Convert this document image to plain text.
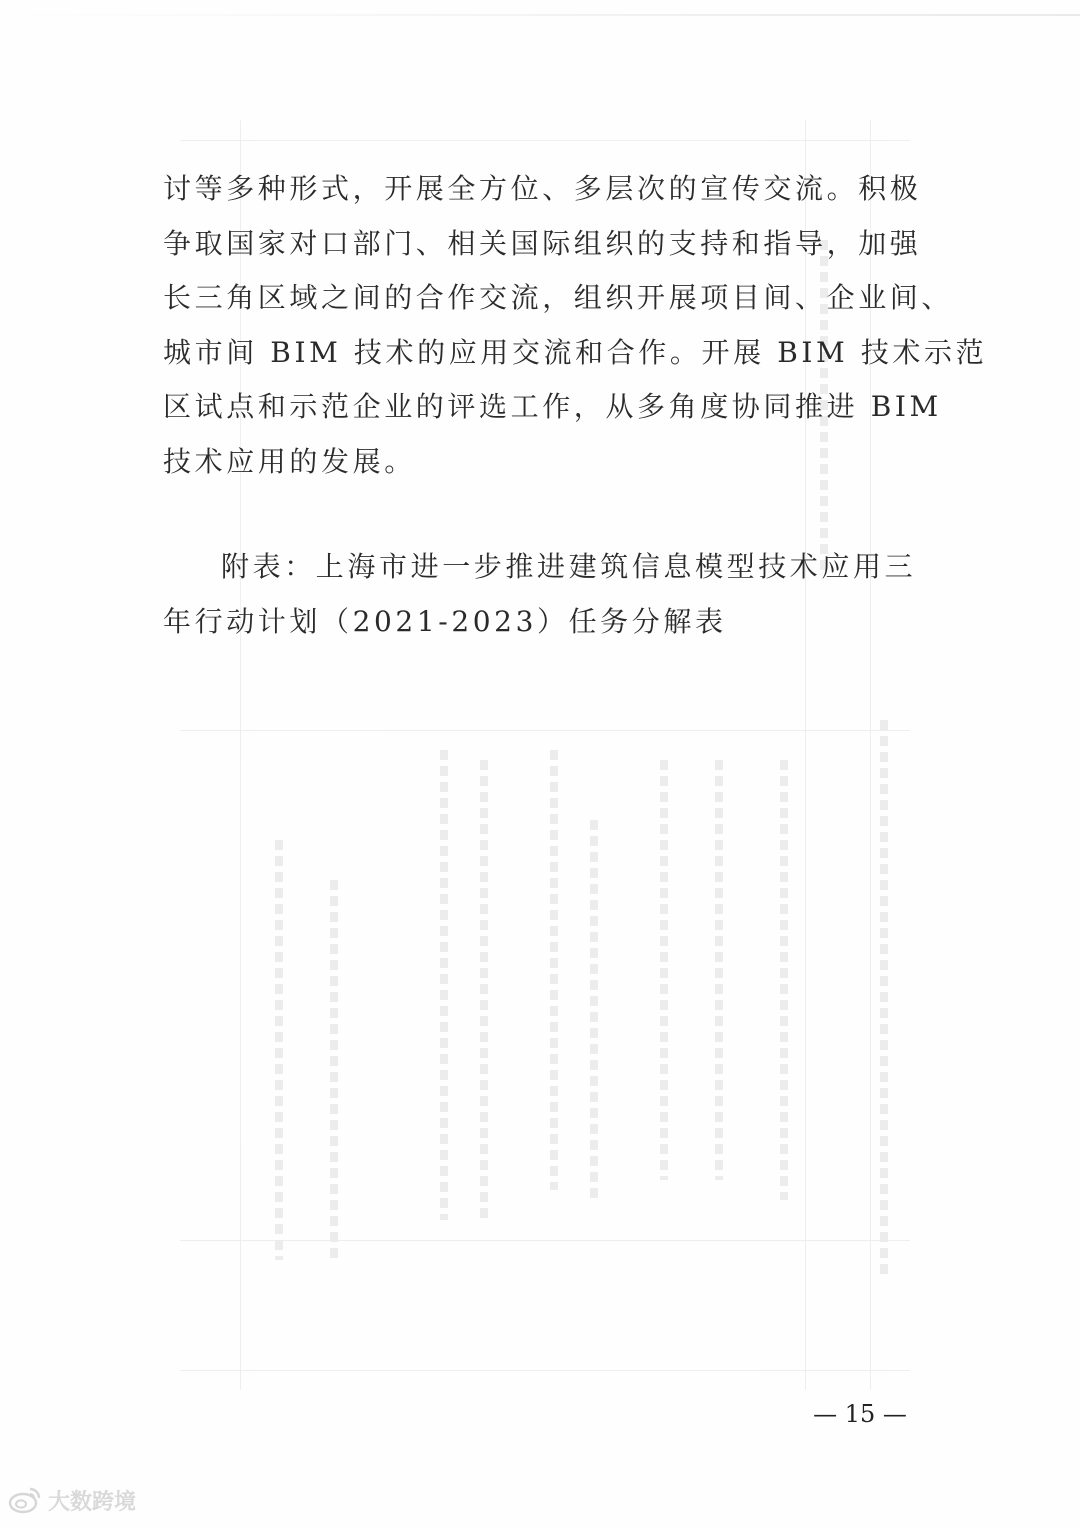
讨等多种形式，开展全方位、多层次的宣传交流。积极
争取国家对口部门、相关国际组织的支持和指导，加强
长三角区域之间的合作交流，组织开展项目间、企业间、
城市间 BIM 技术的应用交流和合作。开展 BIM 技术示范
区试点和示范企业的评选工作，从多角度协同推进 BIM
技术应用的发展。
附表：上海市进一步推进建筑信息模型技术应用三
年行动计划（2021-2023）任务分解表
— 15 —
大数跨境
